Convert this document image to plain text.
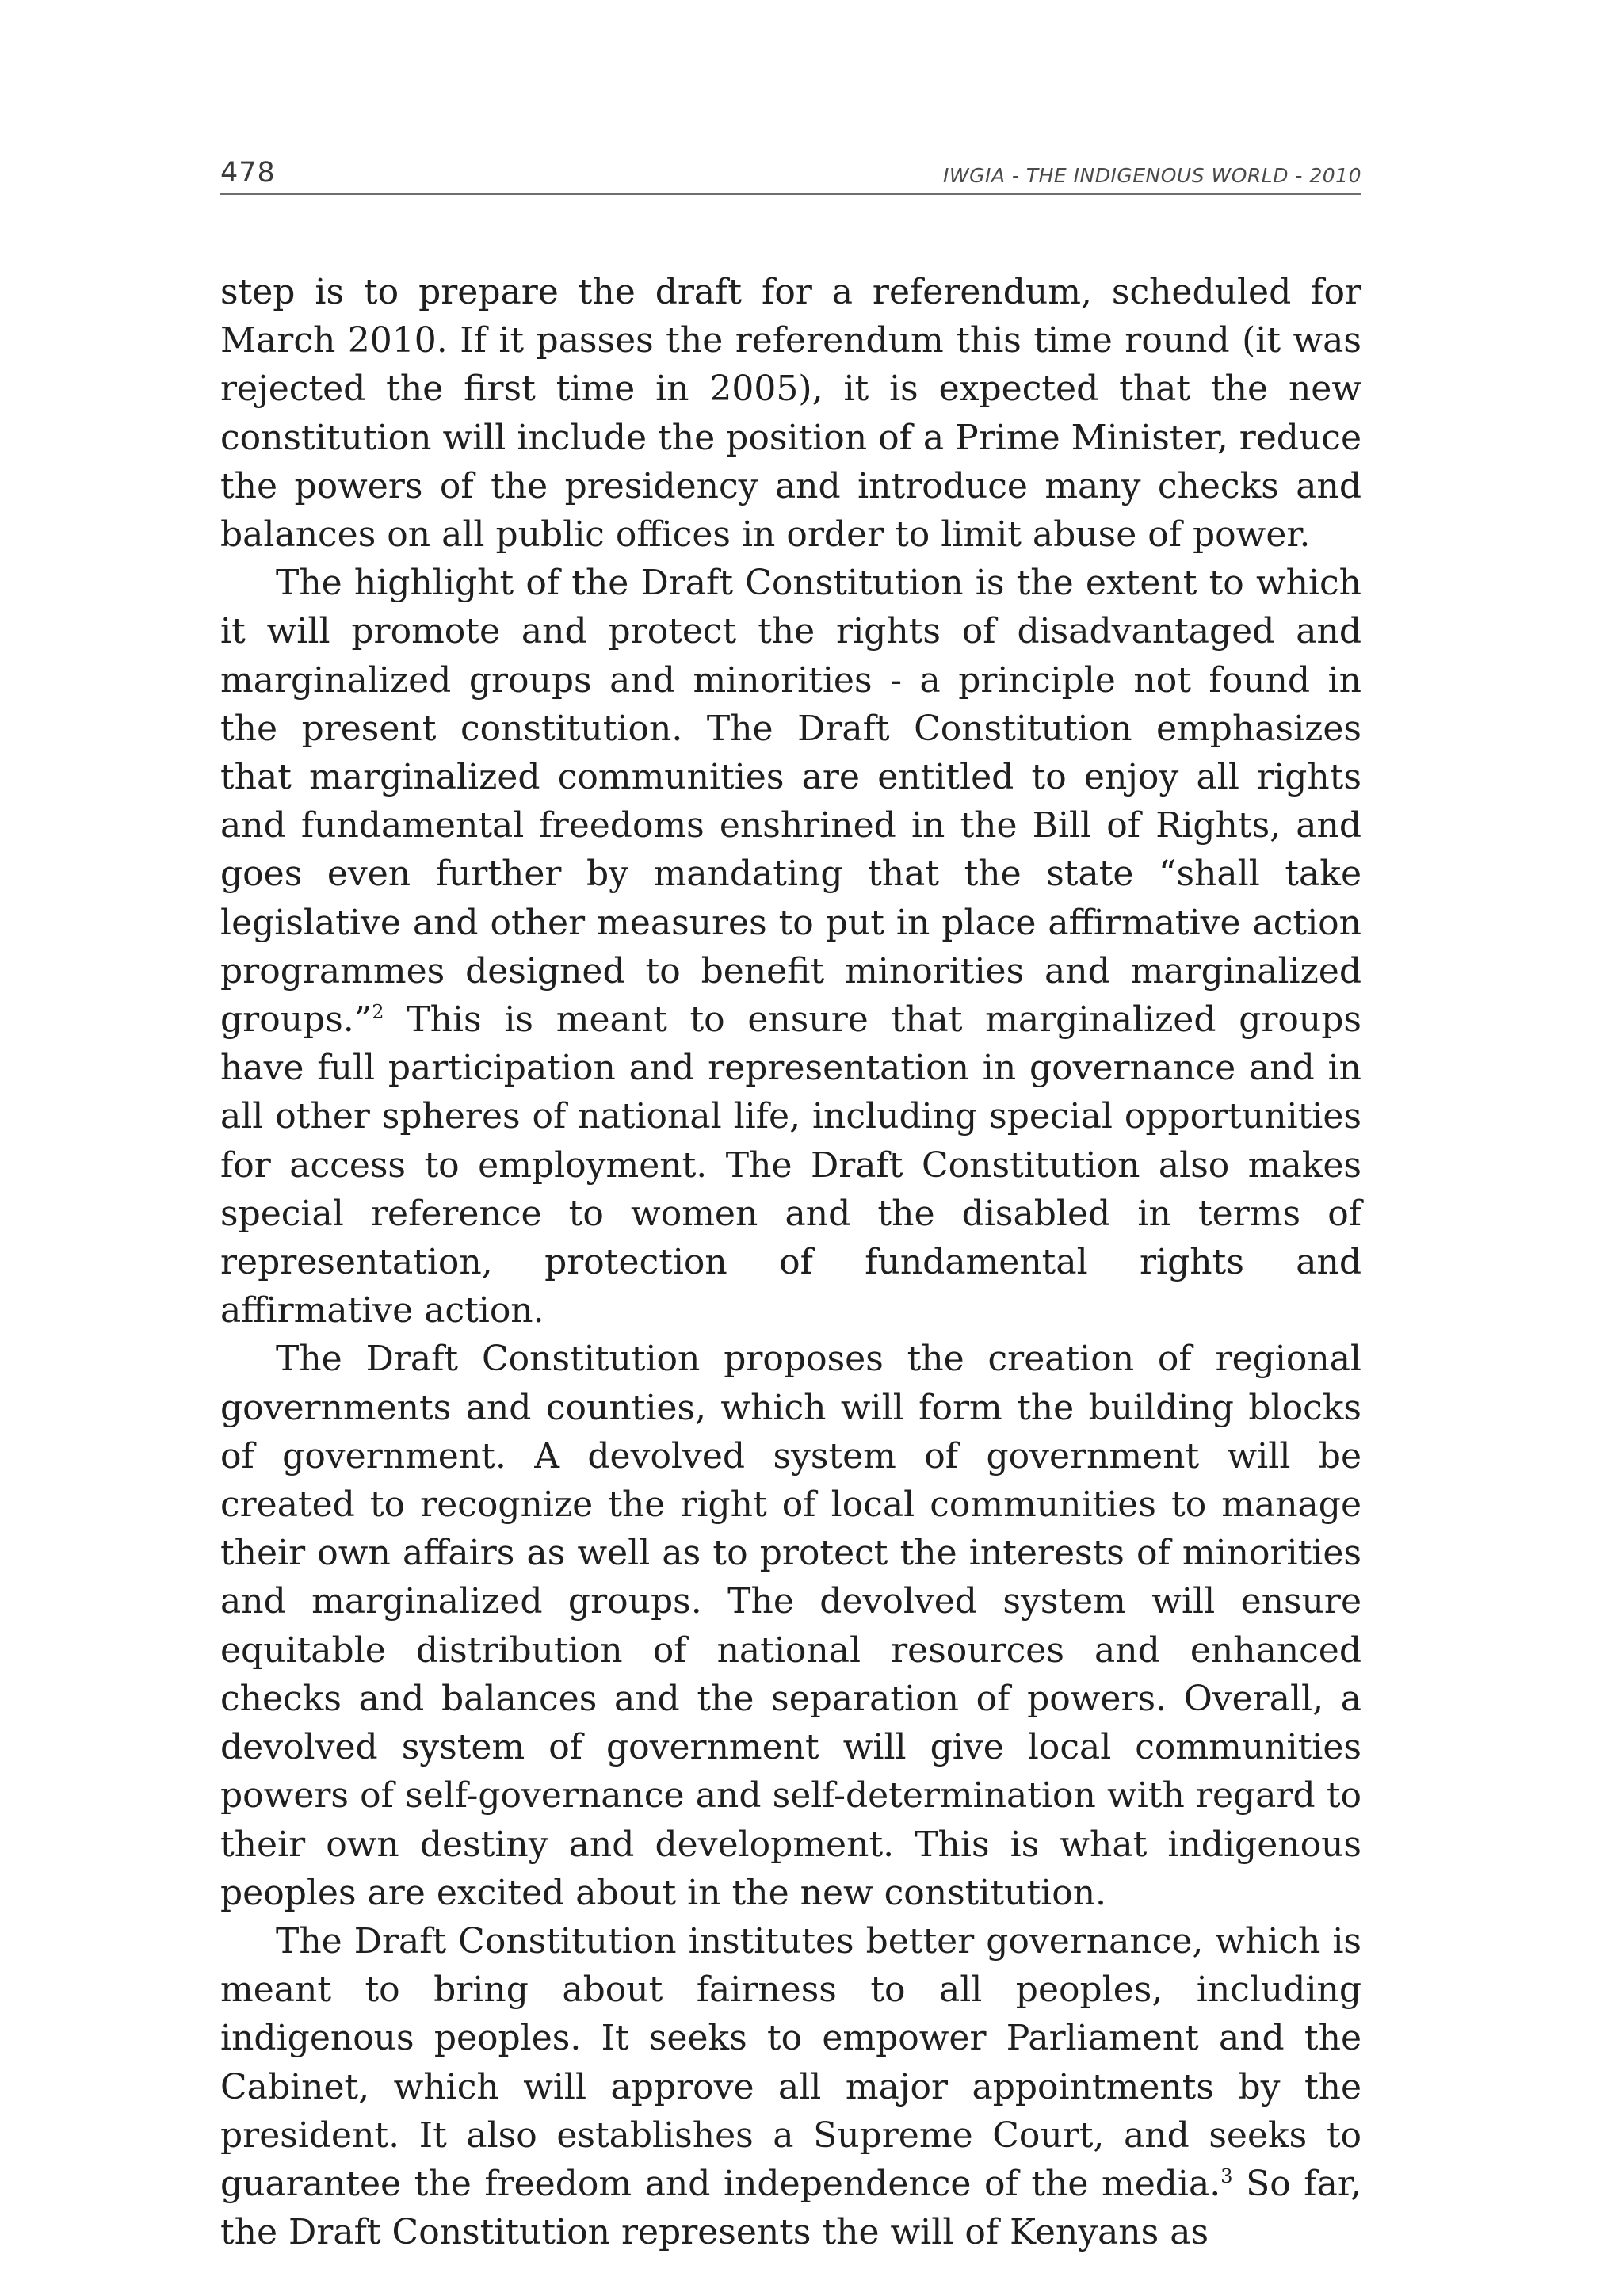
478	IWGIA - THE INDIGENOUS WORLD - 2010

step is to prepare the draft for a referendum, scheduled for March 2010. If it passes the referendum this time round (it was rejected the first time in 2005), it is expected that the new constitution will include the position of a Prime Minister, reduce the powers of the presidency and introduce many checks and balances on all public offices in order to limit abuse of power.

The highlight of the Draft Constitution is the extent to which it will promote and protect the rights of disadvantaged and marginalized groups and minorities - a principle not found in the present constitution. The Draft Constitution emphasizes that marginalized communities are entitled to enjoy all rights and fundamental freedoms enshrined in the Bill of Rights, and goes even further by mandating that the state “shall take legislative and other measures to put in place affirmative action programmes designed to benefit minorities and marginalized groups.”$^2$ This is meant to ensure that marginalized groups have full participation and representation in governance and in all other spheres of national life, including special opportunities for access to employment. The Draft Constitution also makes special reference to women and the disabled in terms of representation, protection of fundamental rights and affirmative action.

The Draft Constitution proposes the creation of regional governments and counties, which will form the building blocks of government. A devolved system of government will be created to recognize the right of local communities to manage their own affairs as well as to protect the interests of minorities and marginalized groups. The devolved system will ensure equitable distribution of national resources and enhanced checks and balances and the separation of powers. Overall, a devolved system of government will give local communities powers of self-governance and self-determination with regard to their own destiny and development. This is what indigenous peoples are excited about in the new constitution.

The Draft Constitution institutes better governance, which is meant to bring about fairness to all peoples, including indigenous peoples. It seeks to empower Parliament and the Cabinet, which will approve all major appointments by the president. It also establishes a Supreme Court, and seeks to guarantee the freedom and independence of the media.$^3$ So far, the Draft Constitution represents the will of Kenyans as
